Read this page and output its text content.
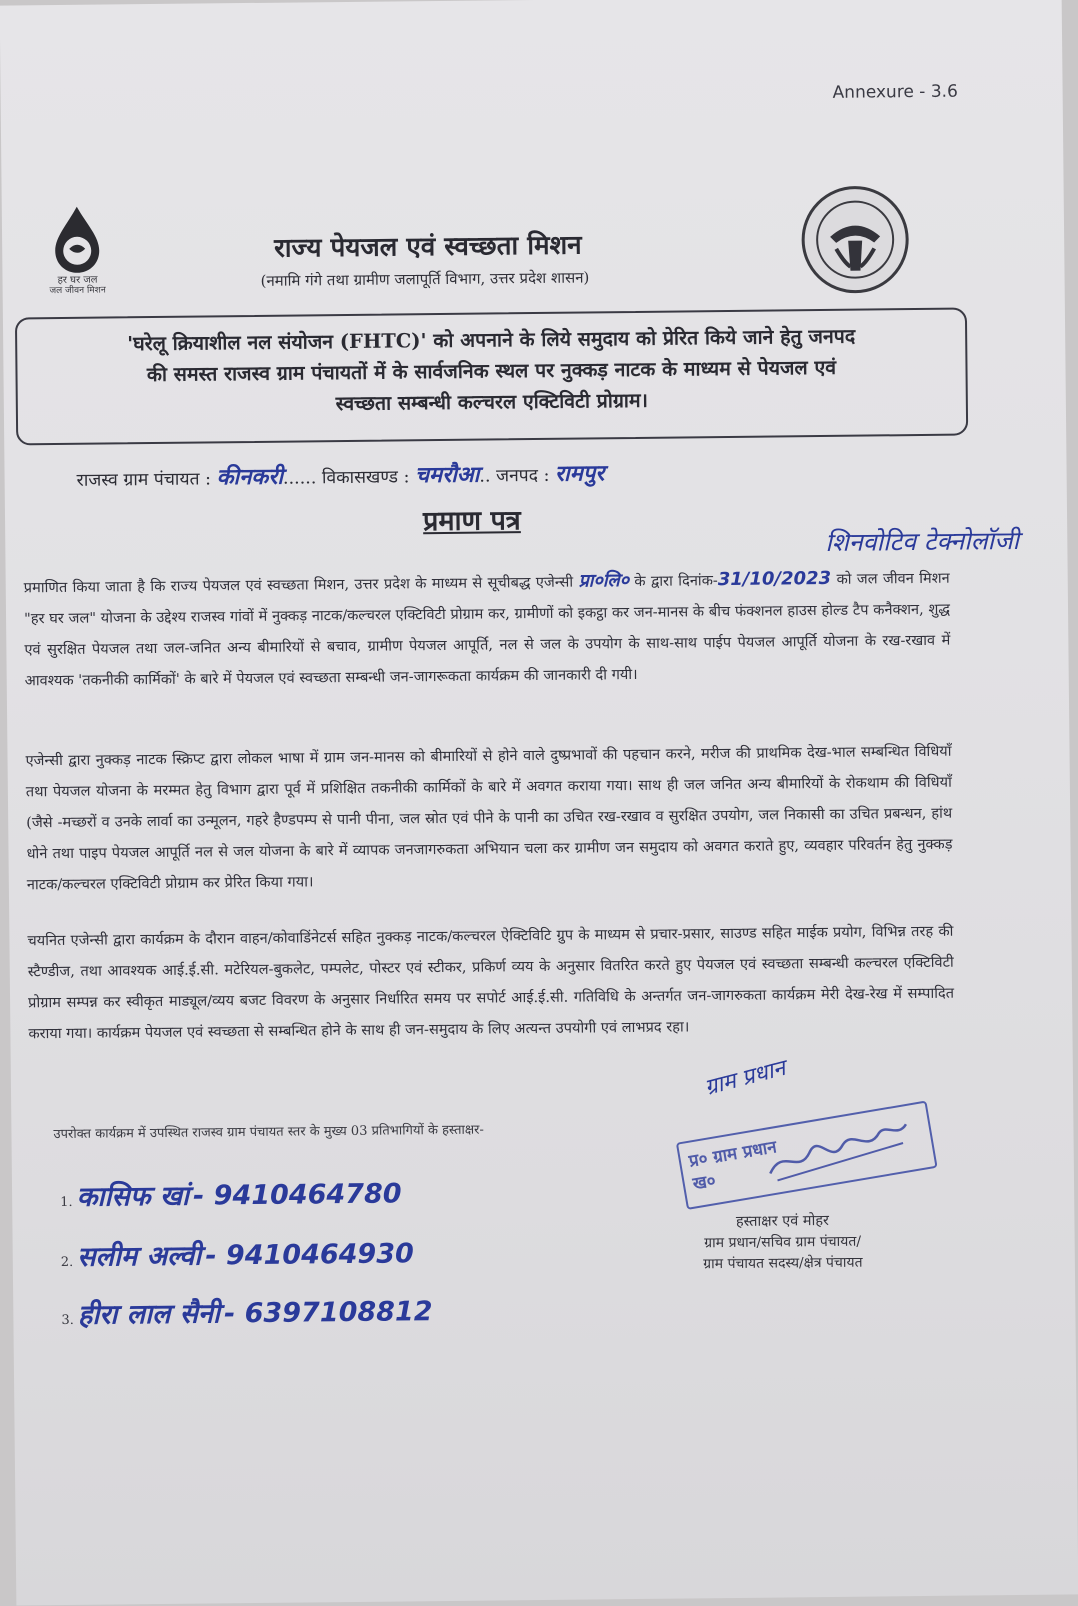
Annexure - 3.6
हर घर जल
जल जीवन मिशन
राज्य पेयजल एवं स्वच्छता मिशन
(नमामि गंगे तथा ग्रामीण जलापूर्ति विभाग, उत्तर प्रदेश शासन)
'घरेलू क्रियाशील नल संयोजन (FHTC)' को अपनाने के लिये समुदाय को प्रेरित किये जाने हेतु जनपद
की समस्त राजस्व ग्राम पंचायतों में के सार्वजनिक स्थल पर नुक्कड़ नाटक के माध्यम से पेयजल एवं
स्वच्छता सम्बन्धी कल्चरल एक्टिविटी प्रोग्राम।
राजस्व ग्राम पंचायत : कीनकरी...... विकासखण्ड : चमरौआ.. जनपद : रामपुर
प्रमाण पत्र
शिनवोटिव टेक्नोलॉजी
प्रमाणित किया जाता है कि राज्य पेयजल एवं स्वच्छता मिशन, उत्तर प्रदेश के माध्यम से सूचीबद्ध एजेन्सी प्रा०लि० के द्वारा दिनांक-31/10/2023 को जल जीवन मिशन "हर घर जल" योजना के उद्देश्य राजस्व गांवों में नुक्कड़ नाटक/कल्चरल एक्टिविटी प्रोग्राम कर, ग्रामीणों को इकट्ठा कर जन-मानस के बीच फंक्शनल हाउस होल्ड टैप कनैक्शन, शुद्ध एवं सुरक्षित पेयजल तथा जल-जनित अन्य बीमारियों से बचाव, ग्रामीण पेयजल आपूर्ति, नल से जल के उपयोग के साथ-साथ पाईप पेयजल आपूर्ति योजना के रख-रखाव में आवश्यक 'तकनीकी कार्मिकों' के बारे में पेयजल एवं स्वच्छता सम्बन्धी जन-जागरूकता कार्यक्रम की जानकारी दी गयी।
एजेन्सी द्वारा नुक्कड़ नाटक स्क्रिप्ट द्वारा लोकल भाषा में ग्राम जन-मानस को बीमारियों से होने वाले दुष्प्रभावों की पहचान करने, मरीज की प्राथमिक देख-भाल सम्बन्धित विधियाँ तथा पेयजल योजना के मरम्मत हेतु विभाग द्वारा पूर्व में प्रशिक्षित तकनीकी कार्मिकों के बारे में अवगत कराया गया। साथ ही जल जनित अन्य बीमारियों के रोकथाम की विधियाँ (जैसे -मच्छरों व उनके लार्वा का उन्मूलन, गहरे हैण्डपम्प से पानी पीना, जल स्रोत एवं पीने के पानी का उचित रख-रखाव व सुरक्षित उपयोग, जल निकासी का उचित प्रबन्धन, हांथ धोने तथा पाइप पेयजल आपूर्ति नल से जल योजना के बारे में व्यापक जनजागरुकता अभियान चला कर ग्रामीण जन समुदाय को अवगत कराते हुए, व्यवहार परिवर्तन हेतु नुक्कड़ नाटक/कल्चरल एक्टिविटी प्रोग्राम कर प्रेरित किया गया।
चयनित एजेन्सी द्वारा कार्यक्रम के दौरान वाहन/कोवाडिंनेटर्स सहित नुक्कड़ नाटक/कल्चरल ऐक्टिविटि ग्रुप के माध्यम से प्रचार-प्रसार, साउण्ड सहित माईक प्रयोग, विभिन्न तरह की स्टैण्डीज, तथा आवश्यक आई.ई.सी. मटेरियल-बुकलेट, पम्पलेट, पोस्टर एवं स्टीकर, प्रकिर्ण व्यय के अनुसार वितरित करते हुए पेयजल एवं स्वच्छता सम्बन्धी कल्चरल एक्टिविटी प्रोग्राम सम्पन्न कर स्वीकृत माड्यूल/व्यय बजट विवरण के अनुसार निर्धारित समय पर सपोर्ट आई.ई.सी. गतिविधि के अन्तर्गत जन-जागरुकता कार्यक्रम मेरी देख-रेख में सम्पादित कराया गया। कार्यक्रम पेयजल एवं स्वच्छता से सम्बन्धित होने के साथ ही जन-समुदाय के लिए अत्यन्त उपयोगी एवं लाभप्रद रहा।
उपरोक्त कार्यक्रम में उपस्थित राजस्व ग्राम पंचायत स्तर के मुख्य 03 प्रतिभागियों के हस्ताक्षर-
1. कासिफ खां - 9410464780
2. सलीम अल्वी - 9410464930
3. हीरा लाल सैनी - 6397108812
ग्राम प्रधान
प्र० ग्राम प्रधान
ख०
हस्ताक्षर एवं मोहर
ग्राम प्रधान/सचिव ग्राम पंचायत/
ग्राम पंचायत सदस्य/क्षेत्र पंचायत
